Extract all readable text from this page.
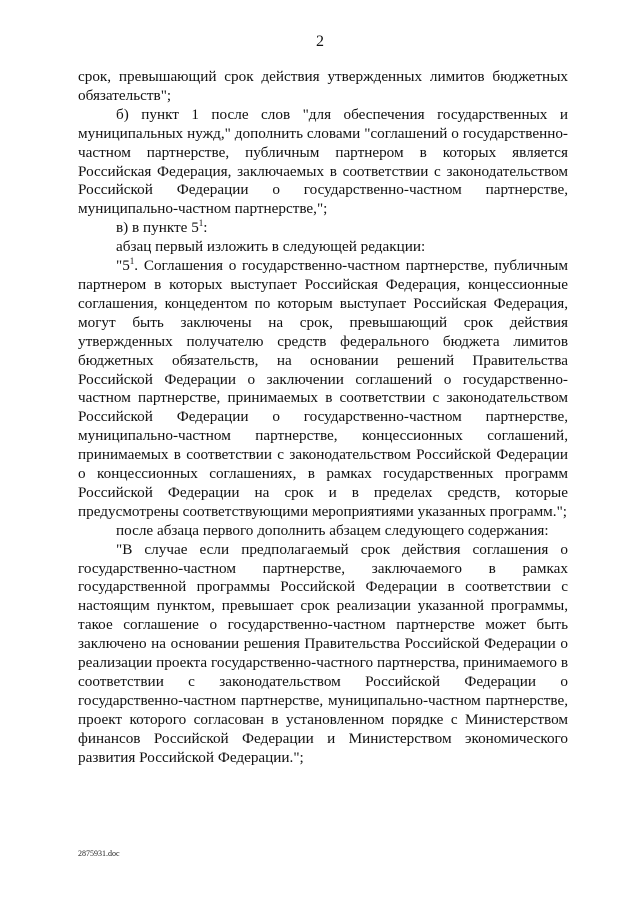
2

срок, превышающий срок действия утвержденных лимитов бюджетных обязательств";

б) пункт 1 после слов "для обеспечения государственных и муниципальных нужд," дополнить словами "соглашений о государственно-частном партнерстве, публичным партнером в которых является Российская Федерация, заключаемых в соответствии с законодательством Российской Федерации о государственно-частном партнерстве, муниципально-частном партнерстве,";

в) в пункте $5^1$:

абзац первый изложить в следующей редакции:

"$5^1$. Соглашения о государственно-частном партнерстве, публичным партнером в которых выступает Российская Федерация, концессионные соглашения, концедентом по которым выступает Российская Федерация, могут быть заключены на срок, превышающий срок действия утвержденных получателю средств федерального бюджета лимитов бюджетных обязательств, на основании решений Правительства Российской Федерации о заключении соглашений о государственно-частном партнерстве, принимаемых в соответствии с законодательством Российской Федерации о государственно-частном партнерстве, муниципально-частном партнерстве, концессионных соглашений, принимаемых в соответствии с законодательством Российской Федерации о концессионных соглашениях, в рамках государственных программ Российской Федерации на срок и в пределах средств, которые предусмотрены соответствующими мероприятиями указанных программ.";

после абзаца первого дополнить абзацем следующего содержания:

"В случае если предполагаемый срок действия соглашения о государственно-частном партнерстве, заключаемого в рамках государственной программы Российской Федерации в соответствии с настоящим пунктом, превышает срок реализации указанной программы, такое соглашение о государственно-частном партнерстве может быть заключено на основании решения Правительства Российской Федерации о реализации проекта государственно-частного партнерства, принимаемого в соответствии с законодательством Российской Федерации о государственно-частном партнерстве, муниципально-частном партнерстве, проект которого согласован в установленном порядке с Министерством финансов Российской Федерации и Министерством экономического развития Российской Федерации.";

2875931.doc
